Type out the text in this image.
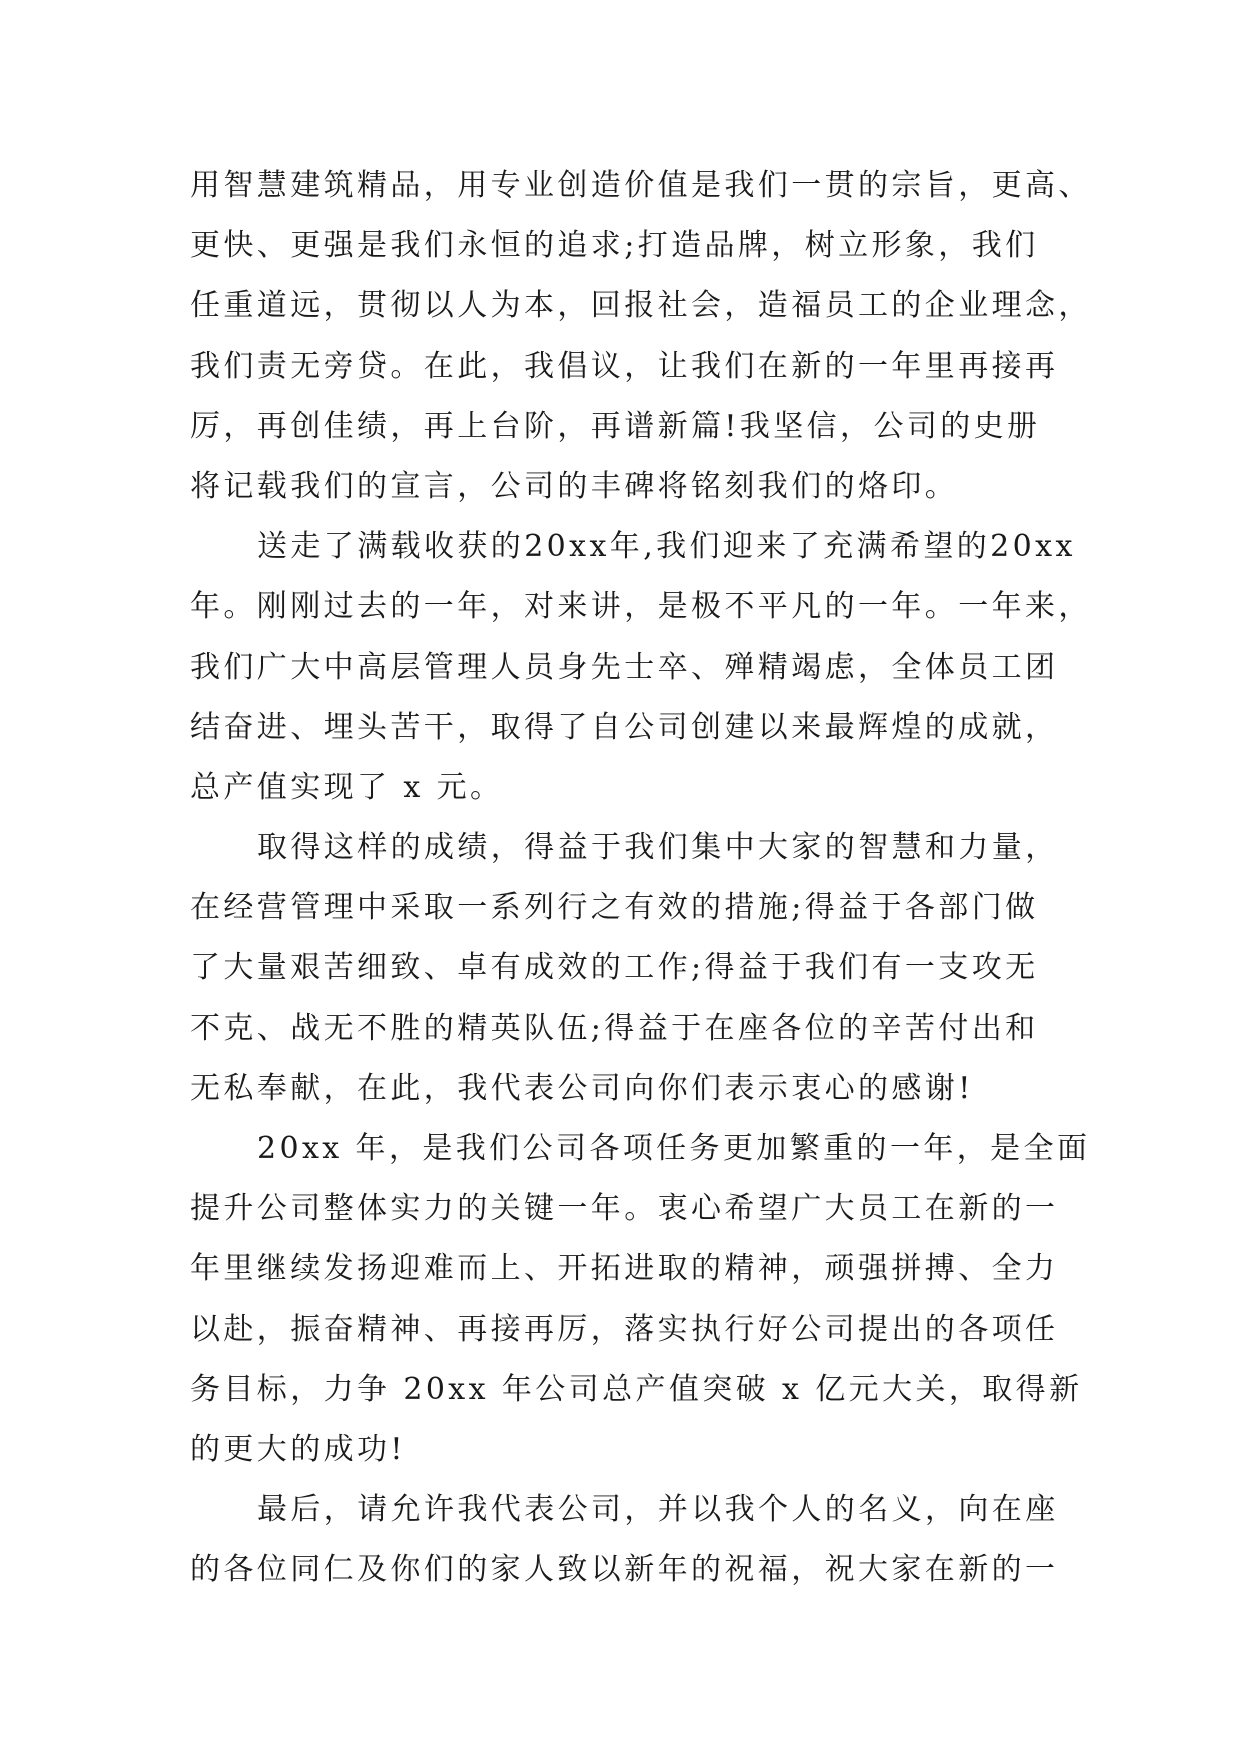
用智慧建筑精品，用专业创造价值是我们一贯的宗旨，更高、
更快、更强是我们永恒的追求;打造品牌，树立形象，我们
任重道远，贯彻以人为本，回报社会，造福员工的企业理念，
我们责无旁贷。在此，我倡议，让我们在新的一年里再接再
厉，再创佳绩，再上台阶，再谱新篇!我坚信，公司的史册
将记载我们的宣言，公司的丰碑将铭刻我们的烙印。
送走了满载收获的20xx年,我们迎来了充满希望的20xx
年。刚刚过去的一年，对来讲，是极不平凡的一年。一年来，
我们广大中高层管理人员身先士卒、殚精竭虑，全体员工团
结奋进、埋头苦干，取得了自公司创建以来最辉煌的成就，
总产值实现了 x 元。
取得这样的成绩，得益于我们集中大家的智慧和力量，
在经营管理中采取一系列行之有效的措施;得益于各部门做
了大量艰苦细致、卓有成效的工作;得益于我们有一支攻无
不克、战无不胜的精英队伍;得益于在座各位的辛苦付出和
无私奉献，在此，我代表公司向你们表示衷心的感谢!
20xx 年，是我们公司各项任务更加繁重的一年，是全面
提升公司整体实力的关键一年。衷心希望广大员工在新的一
年里继续发扬迎难而上、开拓进取的精神，顽强拼搏、全力
以赴，振奋精神、再接再厉，落实执行好公司提出的各项任
务目标，力争 20xx 年公司总产值突破 x 亿元大关，取得新
的更大的成功!
最后，请允许我代表公司，并以我个人的名义，向在座
的各位同仁及你们的家人致以新年的祝福，祝大家在新的一
